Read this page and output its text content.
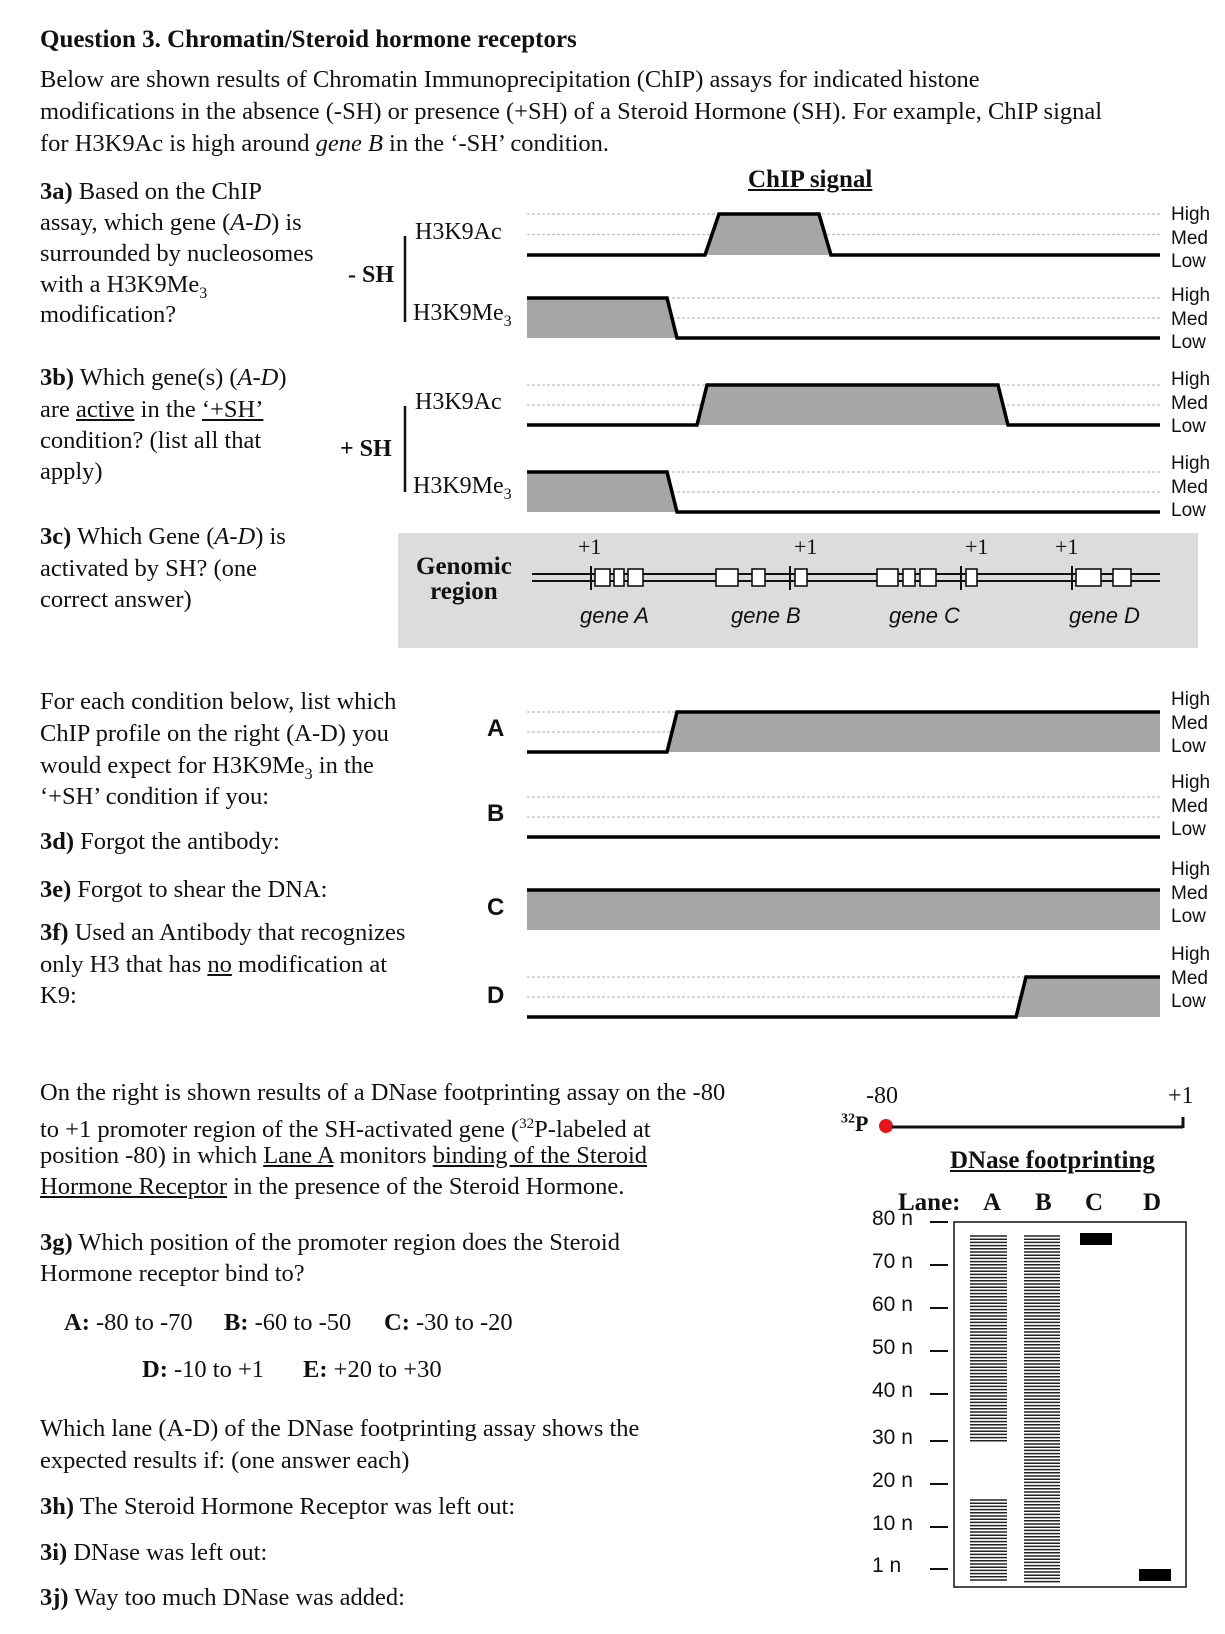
Question 3. Chromatin/Steroid hormone receptors
Below are shown results of Chromatin Immunoprecipitation (ChIP) assays for indicated histone
modifications in the absence (-SH) or presence (+SH) of a Steroid Hormone (SH). For example, ChIP signal
for H3K9Ac is high around gene B in the ‘-SH’ condition.
3a) Based on the ChIP
assay, which gene (A-D) is
surrounded by nucleosomes
with a $H3K9Me_3$
modification?
3b) Which gene(s) (A-D)
are active in the ‘+SH’
condition? (list all that
apply)
3c) Which Gene (A-D) is
activated by SH? (one
correct answer)
ChIP signal
- SH
+ SH
H3K9Ac
$H3K9Me_3$
H3K9Ac
$H3K9Me_3$
High
Med
Low
High
Med
Low
High
Med
Low
High
Med
Low
High
Med
Low
High
Med
Low
High
Med
Low
High
Med
Low
Genomic
region
+1	+1	+1	+1
gene A	gene B	gene C	gene D
For each condition below, list which
ChIP profile on the right (A-D) you
would expect for $H3K9Me_3$ in the
‘+SH’ condition if you:
3d) Forgot the antibody:
3e) Forgot to shear the DNA:
3f) Used an Antibody that recognizes
only H3 that has no modification at
K9:
A
B
C
D
On the right is shown results of a DNase footprinting assay on the -80
to +1 promoter region of the SH-activated gene ($^{32}$P-labeled at
position -80) in which Lane A monitors binding of the Steroid
Hormone Receptor in the presence of the Steroid Hormone.
3g) Which position of the promoter region does the Steroid
Hormone receptor bind to?
A: -80 to -70 B: -60 to -50 C: -30 to -20
D: -10 to +1 E: +20 to +30
Which lane (A-D) of the DNase footprinting assay shows the
expected results if: (one answer each)
3h) The Steroid Hormone Receptor was left out:
3i) DNase was left out:
3j) Way too much DNase was added:
-80	+1
$^{32}$P
DNase footprinting
Lane: A B C D
80 n
70 n
60 n
50 n
40 n
30 n
20 n
10 n
1 n
